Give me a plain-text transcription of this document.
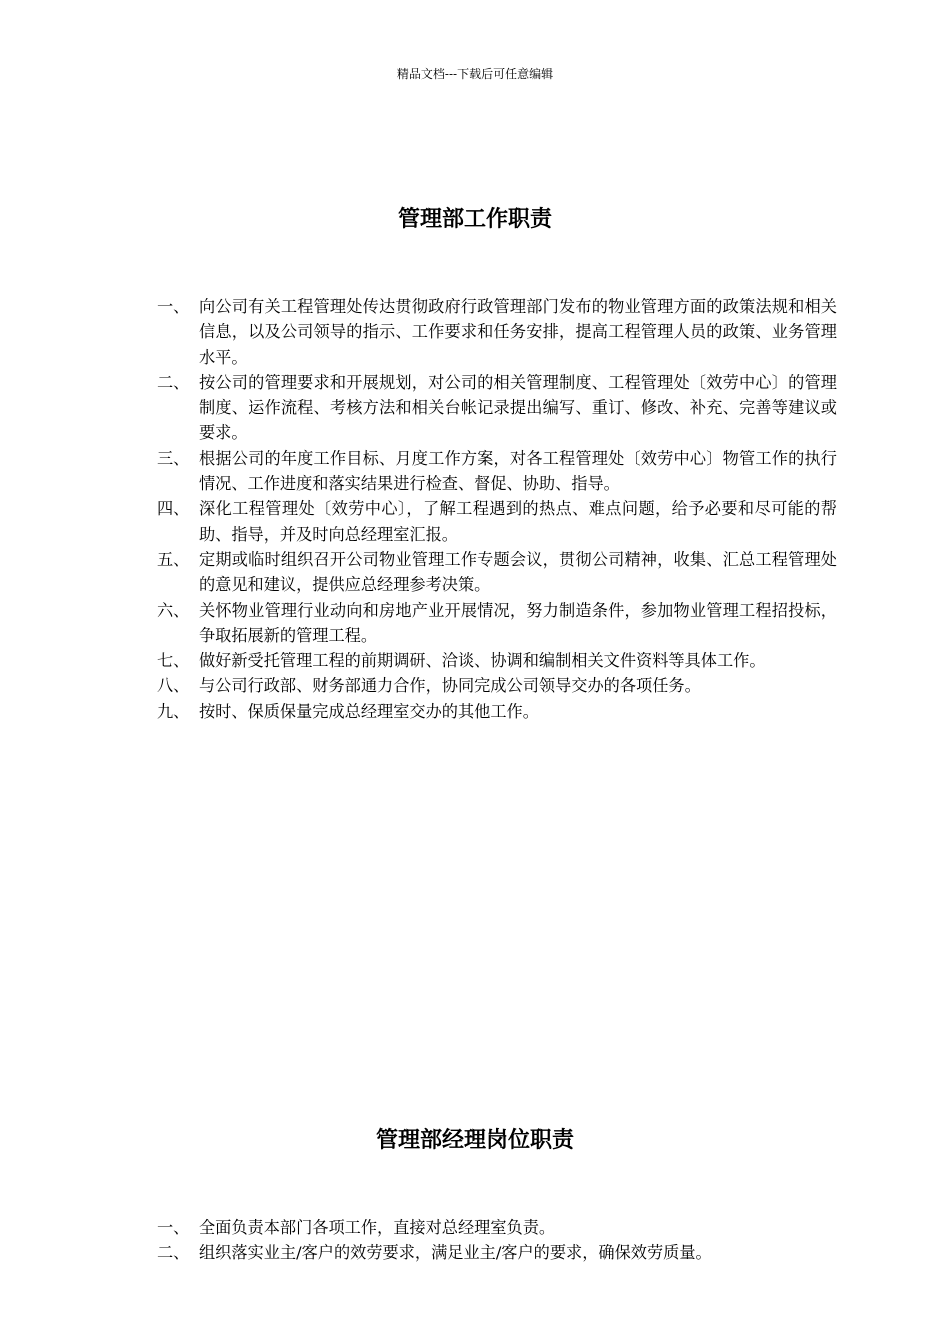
精品文档---下载后可任意编辑
管理部工作职责
一、 向公司有关工程管理处传达贯彻政府行政管理部门发布的物业管理方面的政策法规和相关信息，以及公司领导的指示、工作要求和任务安排，提高工程管理人员的政策、业务管理水平。
二、 按公司的管理要求和开展规划，对公司的相关管理制度、工程管理处〔效劳中心〕的管理制度、运作流程、考核方法和相关台帐记录提出编写、重订、修改、补充、完善等建议或要求。
三、 根据公司的年度工作目标、月度工作方案，对各工程管理处〔效劳中心〕物管工作的执行情况、工作进度和落实结果进行检查、督促、协助、指导。
四、 深化工程管理处〔效劳中心〕，了解工程遇到的热点、难点问题，给予必要和尽可能的帮助、指导，并及时向总经理室汇报。
五、 定期或临时组织召开公司物业管理工作专题会议，贯彻公司精神，收集、汇总工程管理处的意见和建议，提供应总经理参考决策。
六、 关怀物业管理行业动向和房地产业开展情况，努力制造条件，参加物业管理工程招投标，争取拓展新的管理工程。
七、 做好新受托管理工程的前期调研、洽谈、协调和编制相关文件资料等具体工作。
八、 与公司行政部、财务部通力合作，协同完成公司领导交办的各项任务。
九、 按时、保质保量完成总经理室交办的其他工作。
管理部经理岗位职责
一、 全面负责本部门各项工作，直接对总经理室负责。
二、 组织落实业主/客户的效劳要求，满足业主/客户的要求，确保效劳质量。
